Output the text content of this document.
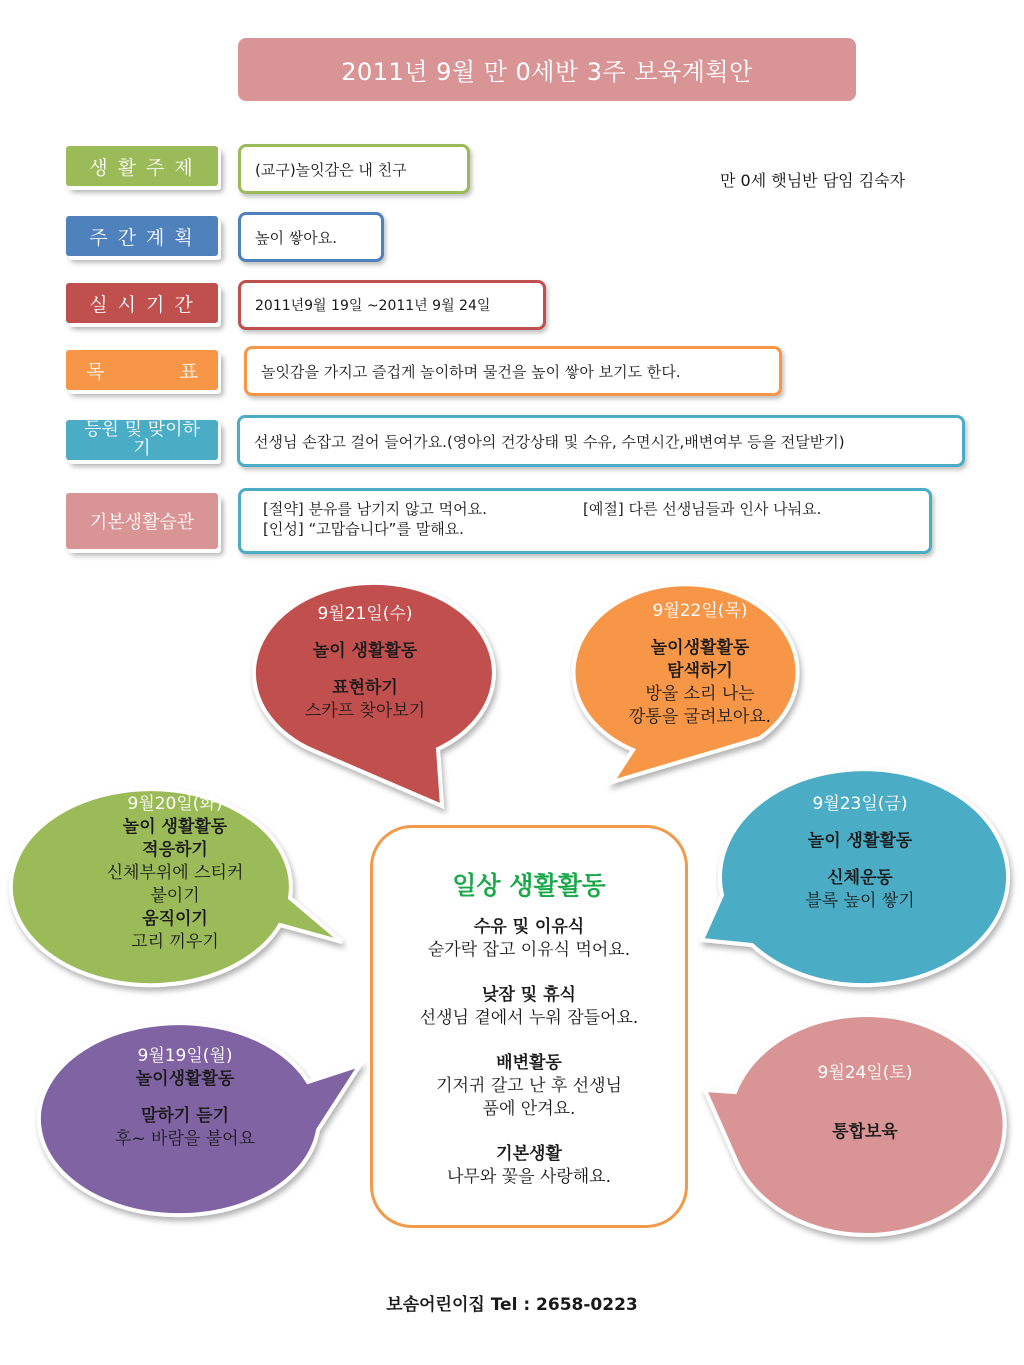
2011년 9월 만 0세반 3주 보육계획안
만 0세 햇님반 담임 김숙자
생 활 주 제	(교구)놀잇감은 내 친구
주 간 계 획	높이 쌓아요.
실 시 기 간	2011년9월 19일 ~2011년 9월 24일
목	표	놀잇감을 가지고 즐겁게 놀이하며 물건을 높이 쌓아 보기도 한다.
등원 및 맞이하기	선생님 손잡고 걸어 들어가요.(영아의 건강상태 및 수유, 수면시간,배변여부 등을 전달받기)
기본생활습관
[절약] 분유를 남기지 않고 먹어요.	[예절] 다른 선생님들과 인사 나눠요.
[인성] “고맙습니다”를 말해요.
9월21일(수)
놀이 생활활동
표현하기
스카프 찾아보기
9월22일(목)
놀이생활활동
탐색하기
방울 소리 나는
깡통을 굴려보아요.
9월20일(화)
놀이 생활활동
적응하기
신체부위에 스티커
붙이기
움직이기
고리 끼우기
9월23일(금)
놀이 생활활동
신체운동
블록 높이 쌓기
9월19일(월)
놀이생활활동
말하기 듣기
후~ 바람을 불어요
9월24일(토)
통합보육
일상 생활활동
수유 및 이유식
숟가락 잡고 이유식 먹어요.
낮잠 및 휴식
선생님 곁에서 누워 잠들어요.
배변활동
기저귀 갈고 난 후 선생님
품에 안겨요.
기본생활
나무와 꽃을 사랑해요.
보솜어린이집 Tel : 2658-0223
